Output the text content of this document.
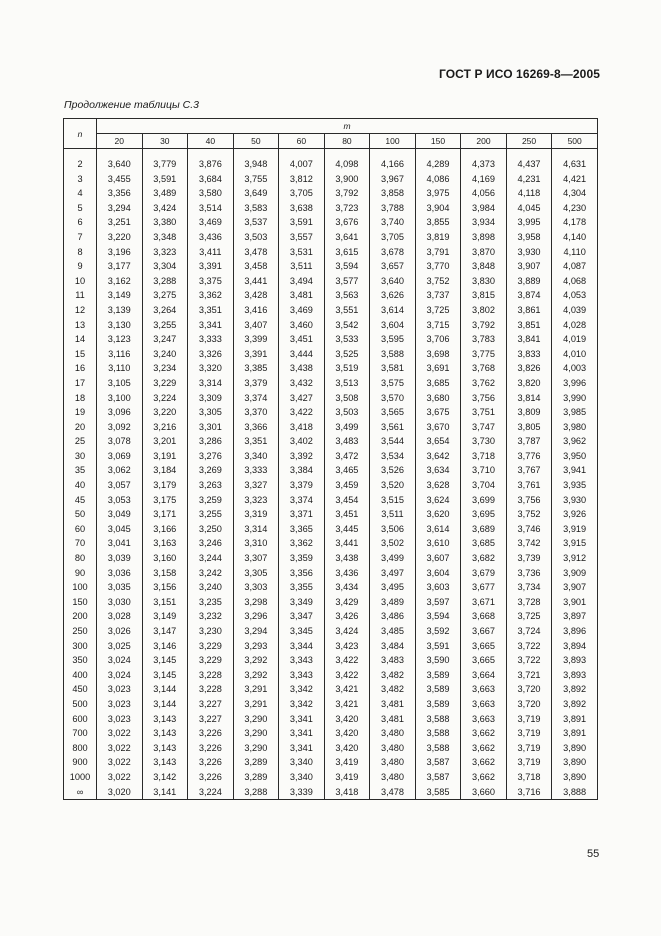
ГОСТ Р ИСО 16269-8—2005
Продолжение таблицы С.3
n	m										
	20	30	40	50	60	80	100	150	200	250	500

2	3,640	3,779	3,876	3,948	4,007	4,098	4,166	4,289	4,373	4,437	4,631
3	3,455	3,591	3,684	3,755	3,812	3,900	3,967	4,086	4,169	4,231	4,421
4	3,356	3,489	3,580	3,649	3,705	3,792	3,858	3,975	4,056	4,118	4,304
5	3,294	3,424	3,514	3,583	3,638	3,723	3,788	3,904	3,984	4,045	4,230
6	3,251	3,380	3,469	3,537	3,591	3,676	3,740	3,855	3,934	3,995	4,178
7	3,220	3,348	3,436	3,503	3,557	3,641	3,705	3,819	3,898	3,958	4,140
8	3,196	3,323	3,411	3,478	3,531	3,615	3,678	3,791	3,870	3,930	4,110
9	3,177	3,304	3,391	3,458	3,511	3,594	3,657	3,770	3,848	3,907	4,087
10	3,162	3,288	3,375	3,441	3,494	3,577	3,640	3,752	3,830	3,889	4,068
11	3,149	3,275	3,362	3,428	3,481	3,563	3,626	3,737	3,815	3,874	4,053
12	3,139	3,264	3,351	3,416	3,469	3,551	3,614	3,725	3,802	3,861	4,039
13	3,130	3,255	3,341	3,407	3,460	3,542	3,604	3,715	3,792	3,851	4,028
14	3,123	3,247	3,333	3,399	3,451	3,533	3,595	3,706	3,783	3,841	4,019
15	3,116	3,240	3,326	3,391	3,444	3,525	3,588	3,698	3,775	3,833	4,010
16	3,110	3,234	3,320	3,385	3,438	3,519	3,581	3,691	3,768	3,826	4,003
17	3,105	3,229	3,314	3,379	3,432	3,513	3,575	3,685	3,762	3,820	3,996
18	3,100	3,224	3,309	3,374	3,427	3,508	3,570	3,680	3,756	3,814	3,990
19	3,096	3,220	3,305	3,370	3,422	3,503	3,565	3,675	3,751	3,809	3,985
20	3,092	3,216	3,301	3,366	3,418	3,499	3,561	3,670	3,747	3,805	3,980
25	3,078	3,201	3,286	3,351	3,402	3,483	3,544	3,654	3,730	3,787	3,962
30	3,069	3,191	3,276	3,340	3,392	3,472	3,534	3,642	3,718	3,776	3,950
35	3,062	3,184	3,269	3,333	3,384	3,465	3,526	3,634	3,710	3,767	3,941
40	3,057	3,179	3,263	3,327	3,379	3,459	3,520	3,628	3,704	3,761	3,935
45	3,053	3,175	3,259	3,323	3,374	3,454	3,515	3,624	3,699	3,756	3,930
50	3,049	3,171	3,255	3,319	3,371	3,451	3,511	3,620	3,695	3,752	3,926
60	3,045	3,166	3,250	3,314	3,365	3,445	3,506	3,614	3,689	3,746	3,919
70	3,041	3,163	3,246	3,310	3,362	3,441	3,502	3,610	3,685	3,742	3,915
80	3,039	3,160	3,244	3,307	3,359	3,438	3,499	3,607	3,682	3,739	3,912
90	3,036	3,158	3,242	3,305	3,356	3,436	3,497	3,604	3,679	3,736	3,909
100	3,035	3,156	3,240	3,303	3,355	3,434	3,495	3,603	3,677	3,734	3,907
150	3,030	3,151	3,235	3,298	3,349	3,429	3,489	3,597	3,671	3,728	3,901
200	3,028	3,149	3,232	3,296	3,347	3,426	3,486	3,594	3,668	3,725	3,897
250	3,026	3,147	3,230	3,294	3,345	3,424	3,485	3,592	3,667	3,724	3,896
300	3,025	3,146	3,229	3,293	3,344	3,423	3,484	3,591	3,665	3,722	3,894
350	3,024	3,145	3,229	3,292	3,343	3,422	3,483	3,590	3,665	3,722	3,893
400	3,024	3,145	3,228	3,292	3,343	3,422	3,482	3,589	3,664	3,721	3,893
450	3,023	3,144	3,228	3,291	3,342	3,421	3,482	3,589	3,663	3,720	3,892
500	3,023	3,144	3,227	3,291	3,342	3,421	3,481	3,589	3,663	3,720	3,892
600	3,023	3,143	3,227	3,290	3,341	3,420	3,481	3,588	3,663	3,719	3,891
700	3,022	3,143	3,226	3,290	3,341	3,420	3,480	3,588	3,662	3,719	3,891
800	3,022	3,143	3,226	3,290	3,341	3,420	3,480	3,588	3,662	3,719	3,890
900	3,022	3,143	3,226	3,289	3,340	3,419	3,480	3,587	3,662	3,719	3,890
1000	3,022	3,142	3,226	3,289	3,340	3,419	3,480	3,587	3,662	3,718	3,890
∞	3,020	3,141	3,224	3,288	3,339	3,418	3,478	3,585	3,660	3,716	3,888
55
